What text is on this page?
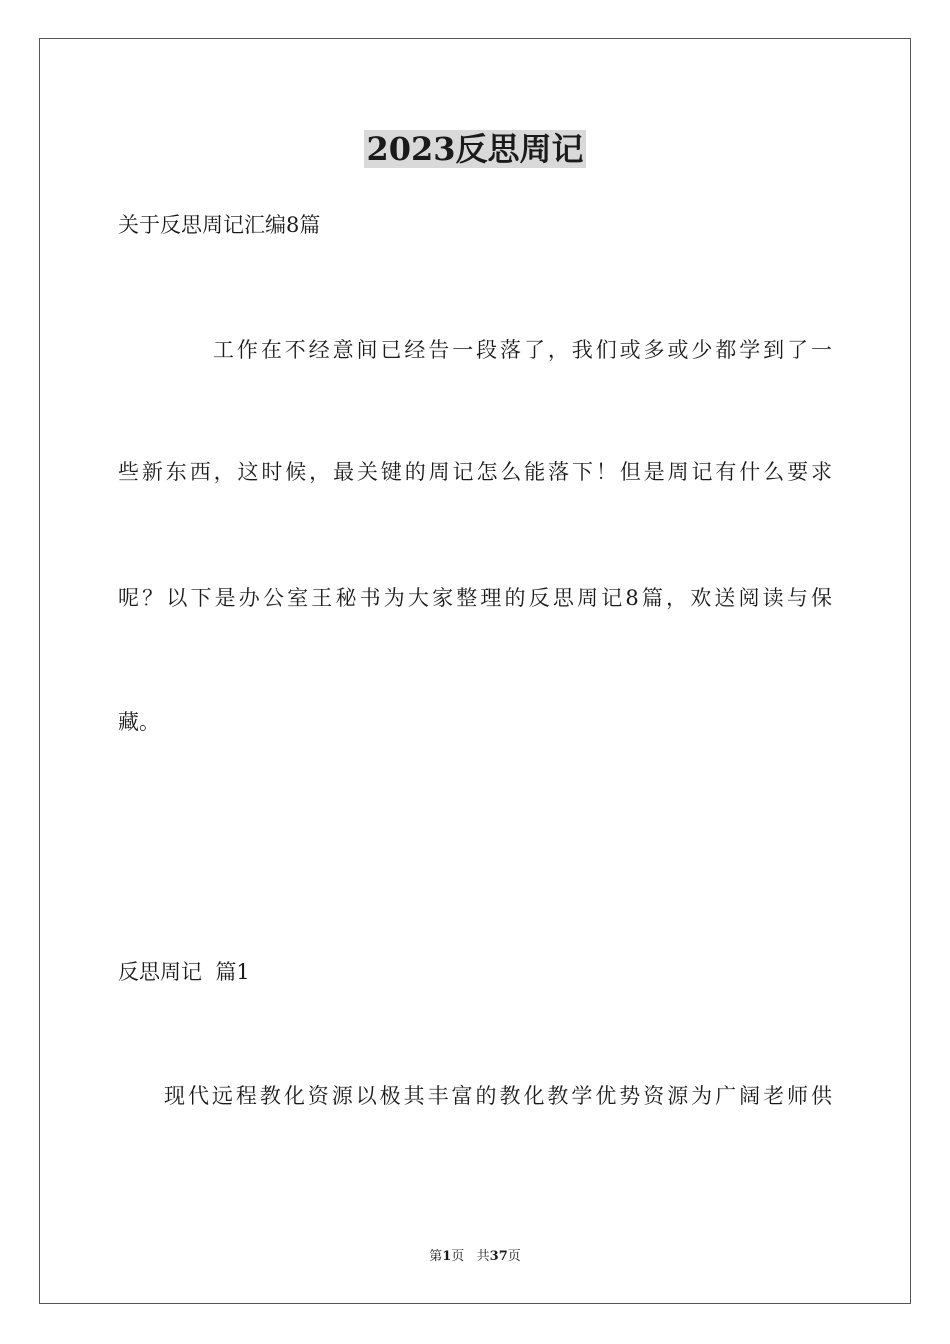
2023反思周记

关于反思周记汇编8篇

工作在不经意间已经告一段落了，我们或多或少都学到了一

些新东西，这时候，最关键的周记怎么能落下！但是周记有什么要求

呢？以下是办公室王秘书为大家整理的反思周记8篇，欢送阅读与保

藏。

反思周记  篇1

现代远程教化资源以极其丰富的教化教学优势资源为广阔老师供

第1页   共37页
